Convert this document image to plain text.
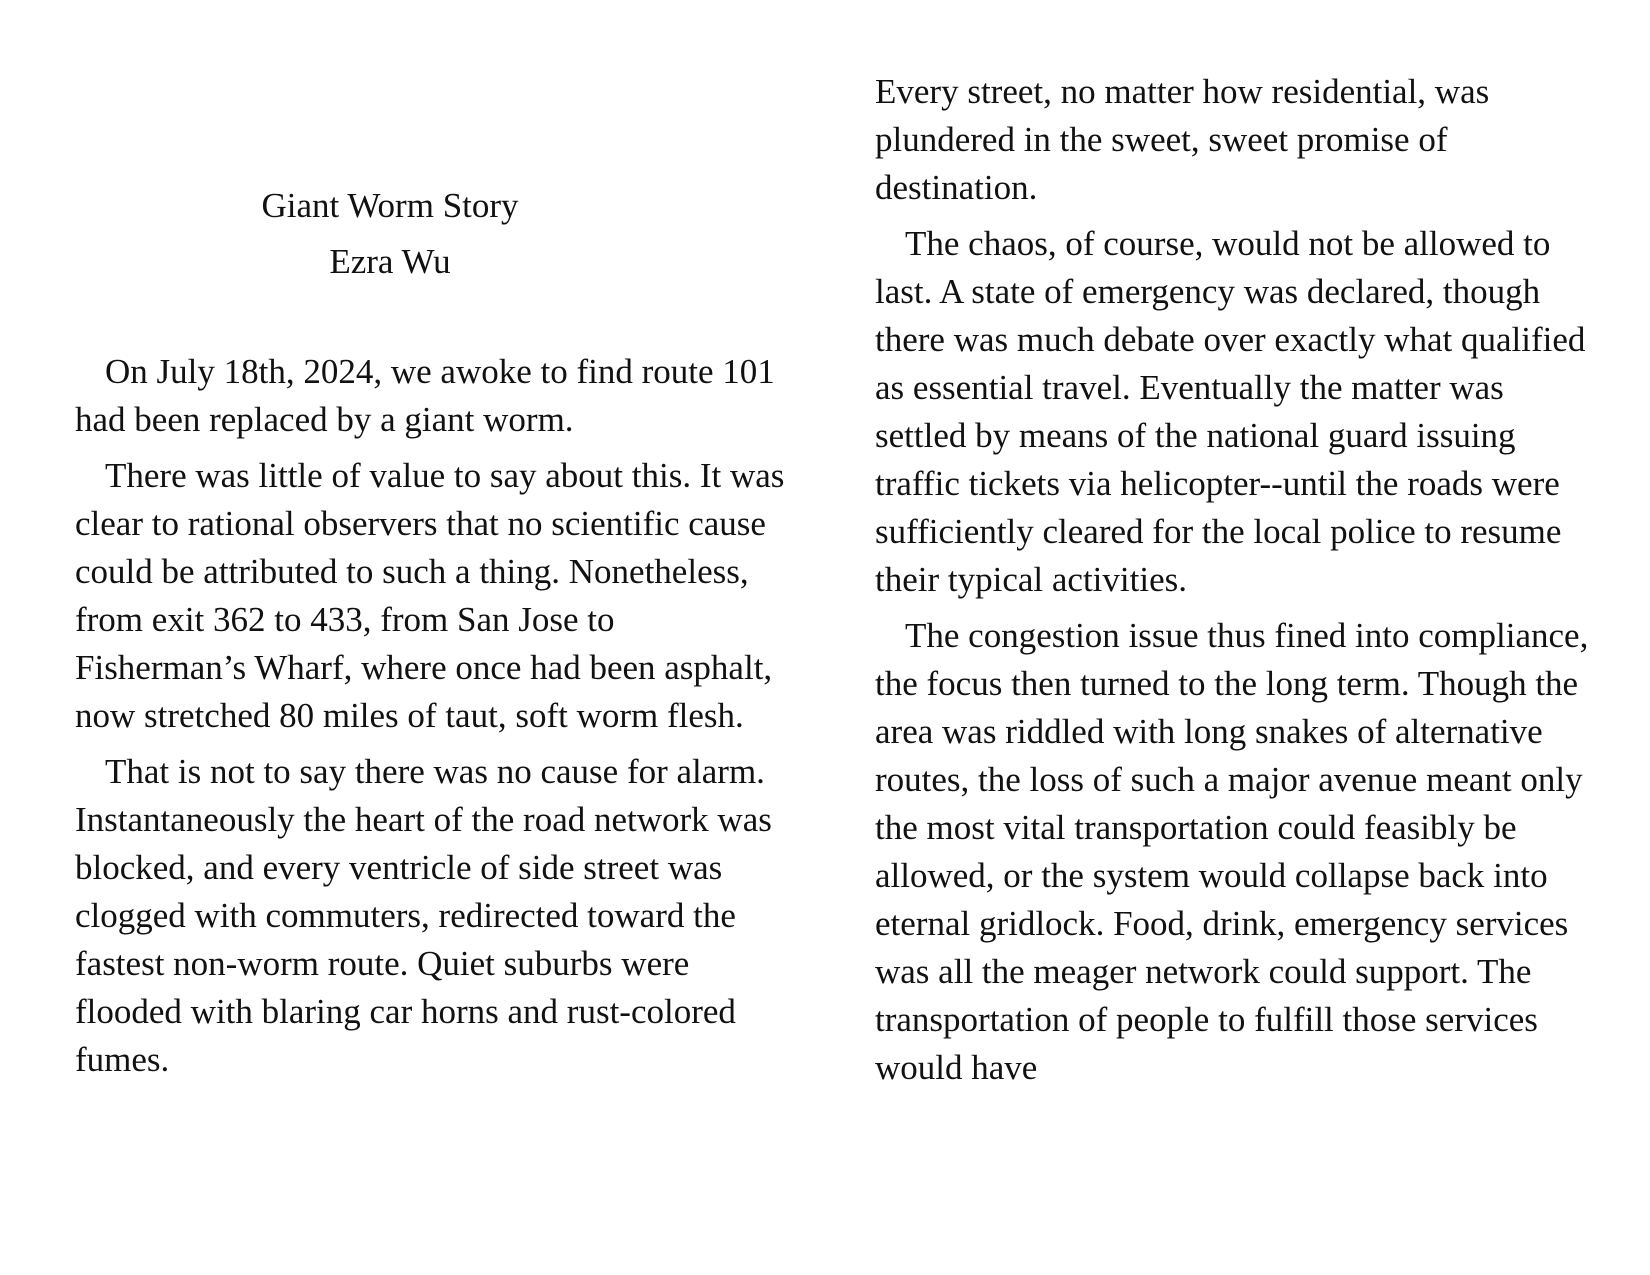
Giant Worm Story
Ezra Wu

On July 18th, 2024, we awoke to find route 101 had been replaced by a giant worm.

There was little of value to say about this. It was clear to rational observers that no scientific cause could be attributed to such a thing. Nonetheless, from exit 362 to 433, from San Jose to Fisherman’s Wharf, where once had been asphalt, now stretched 80 miles of taut, soft worm flesh.

That is not to say there was no cause for alarm. Instantaneously the heart of the road network was blocked, and every ventricle of side street was clogged with commuters, redirected toward the fastest non-worm route. Quiet suburbs were flooded with blaring car horns and rust-colored fumes.

Every street, no matter how residential, was plundered in the sweet, sweet promise of destination.

The chaos, of course, would not be allowed to last. A state of emergency was declared, though there was much debate over exactly what qualified as essential travel. Eventually the matter was settled by means of the national guard issuing traffic tickets via helicopter--until the roads were sufficiently cleared for the local police to resume their typical activities.

The congestion issue thus fined into compliance, the focus then turned to the long term. Though the area was riddled with long snakes of alternative routes, the loss of such a major avenue meant only the most vital transportation could feasibly be allowed, or the system would collapse back into eternal gridlock. Food, drink, emergency services was all the meager network could support. The transportation of people to fulfill those services would have
